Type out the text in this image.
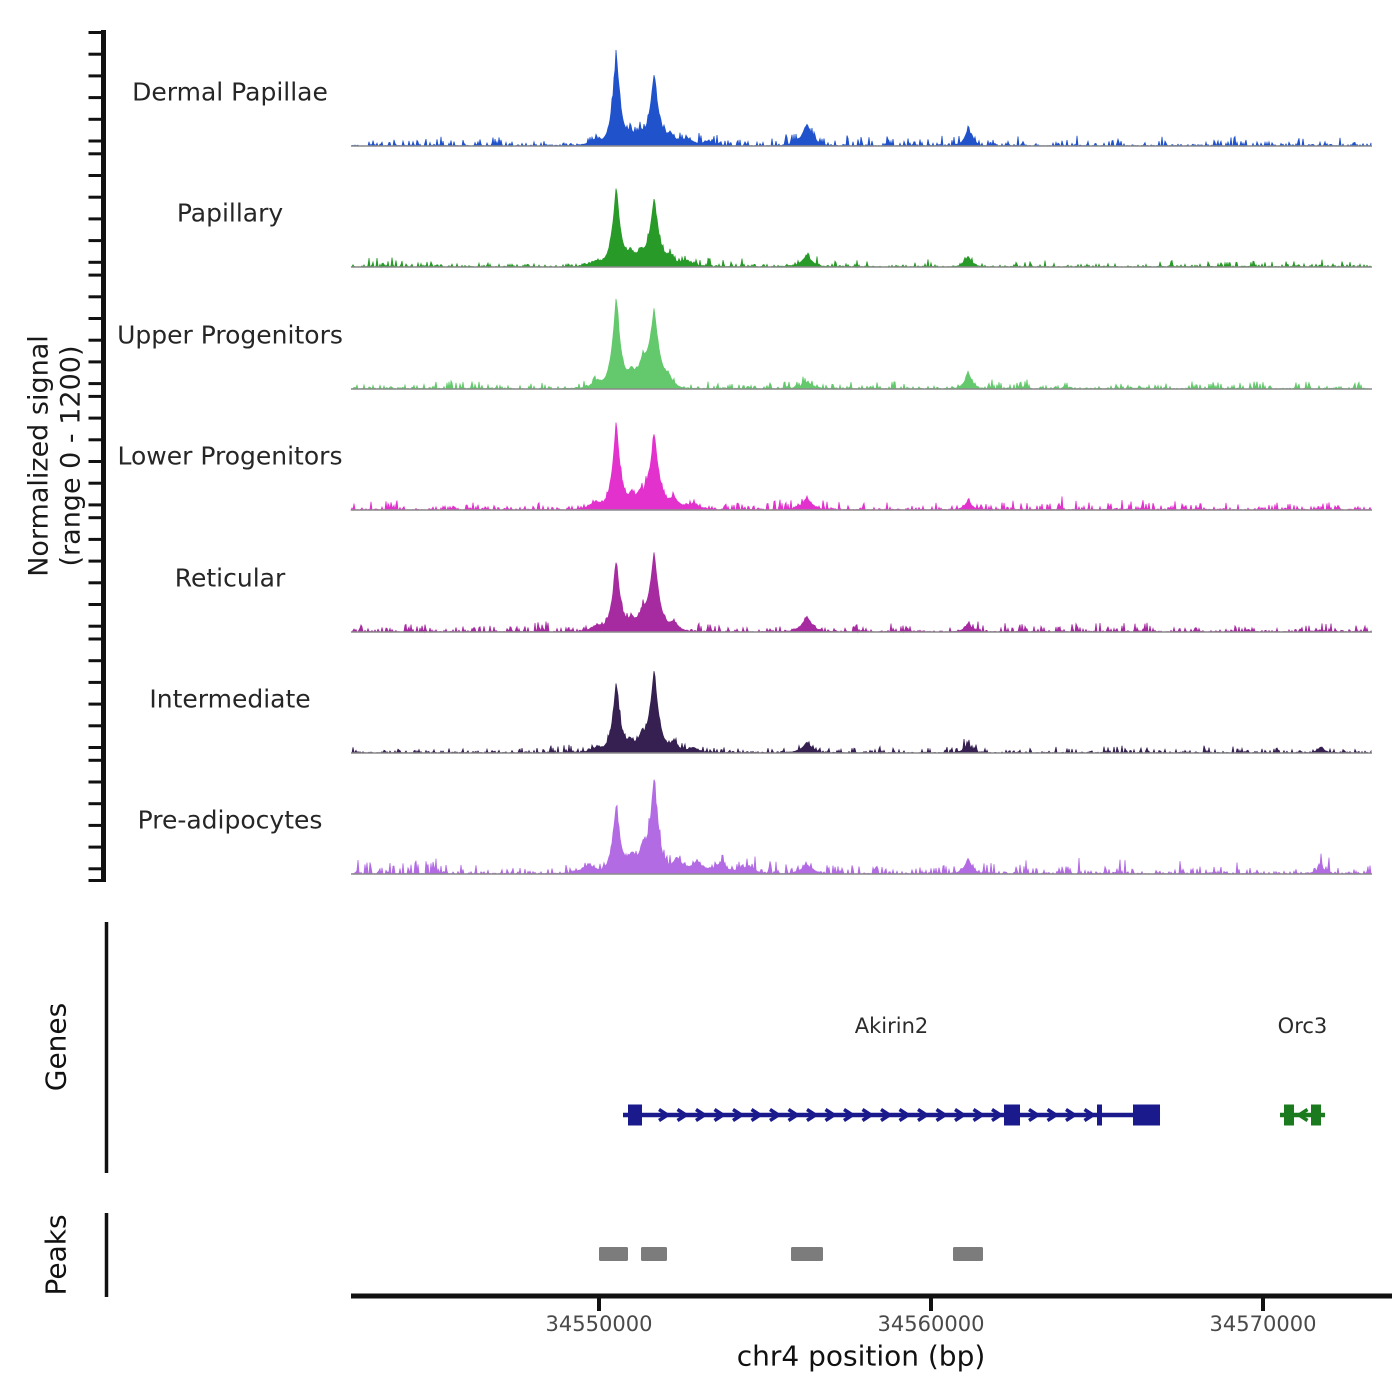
Normalized signal (range 0 - 1200)
Genes
Peaks
chr4 position (bp)
Dermal Papillae
Papillary
Upper Progenitors
Lower Progenitors
Reticular
Intermediate
Pre-adipocytes
Akirin2	Orc3
34550000	34560000	34570000
